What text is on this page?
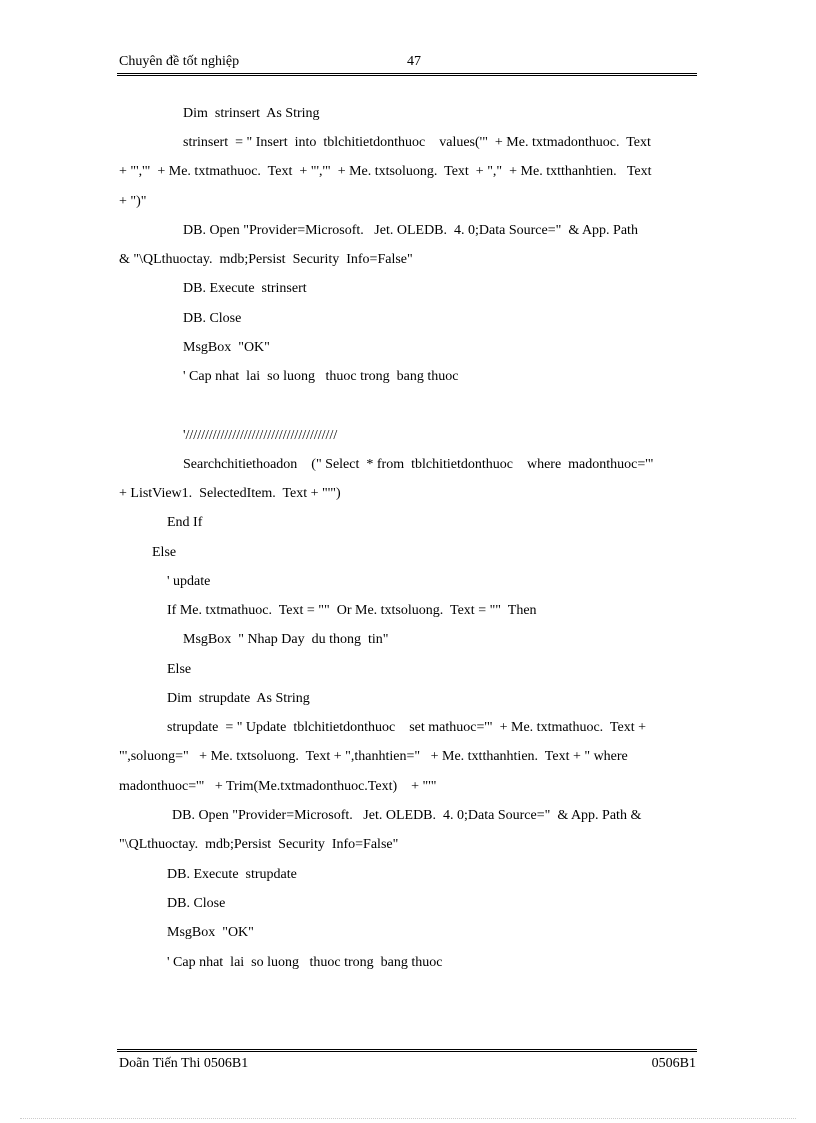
Chuyên đề tốt nghiệp	47
Dim  strinsert  As String
strinsert  = " Insert  into  tblchitietdonthuoc    values('"  + Me. txtmadonthuoc.  Text
+ "','"  + Me. txtmathuoc.  Text  + "','"  + Me. txtsoluong.  Text  + ","  + Me. txtthanhtien.   Text
+ ")"
DB. Open "Provider=Microsoft.   Jet. OLEDB.  4. 0;Data Source="  & App. Path
& "\QLthuoctay.  mdb;Persist  Security  Info=False"
DB. Execute  strinsert
DB. Close
MsgBox  "OK"
' Cap nhat  lai  so luong   thuoc trong  bang thuoc
'///////////////////////////////////////
Searchchitiethoadon    (" Select  * from  tblchitietdonthuoc    where  madonthuoc='"
+ ListView1.  SelectedItem.  Text + "'")
End If
Else
' update
If Me. txtmathuoc.  Text = ""  Or Me. txtsoluong.  Text = ""  Then
MsgBox  " Nhap Day  du thong  tin"
Else
Dim  strupdate  As String
strupdate  = " Update  tblchitietdonthuoc    set mathuoc='"  + Me. txtmathuoc.  Text +
"',soluong="   + Me. txtsoluong.  Text + ",thanhtien="   + Me. txtthanhtien.  Text + " where
madonthuoc='"   + Trim(Me.txtmadonthuoc.Text)    + "'"
DB. Open "Provider=Microsoft.   Jet. OLEDB.  4. 0;Data Source="  & App. Path &
"\QLthuoctay.  mdb;Persist  Security  Info=False"
DB. Execute  strupdate
DB. Close
MsgBox  "OK"
' Cap nhat  lai  so luong   thuoc trong  bang thuoc
Doãn Tiến Thi 0506B1	0506B1
